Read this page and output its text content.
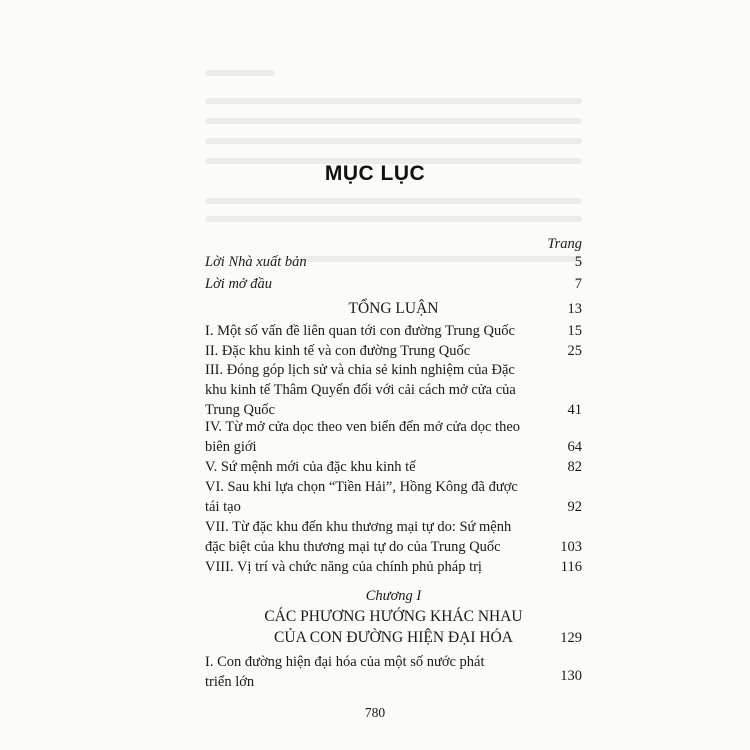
MỤC LỤC
Trang
Lời Nhà xuất bản	5
Lời mở đầu	7
TỔNG LUẬN	13
I. Một số vấn đề liên quan tới con đường Trung Quốc	15
II. Đặc khu kinh tế và con đường Trung Quốc	25
III. Đóng góp lịch sử và chia sẻ kinh nghiệm của Đặc
khu kinh tế Thâm Quyến đối với cải cách mở cửa của
Trung Quốc	41
IV. Từ mở cửa dọc theo ven biển đến mở cửa dọc theo
biên giới	64
V. Sứ mệnh mới của đặc khu kinh tế	82
VI. Sau khi lựa chọn “Tiền Hải”, Hồng Kông đã được
tái tạo	92
VII. Từ đặc khu đến khu thương mại tự do: Sứ mệnh
đặc biệt của khu thương mại tự do của Trung Quốc	103
VIII. Vị trí và chức năng của chính phủ pháp trị	116
Chương I
CÁC PHƯƠNG HƯỚNG KHÁC NHAU
CỦA CON ĐƯỜNG HIỆN ĐẠI HÓA	129
I. Con đường hiện đại hóa của một số nước phát
triển lớn	130
780
